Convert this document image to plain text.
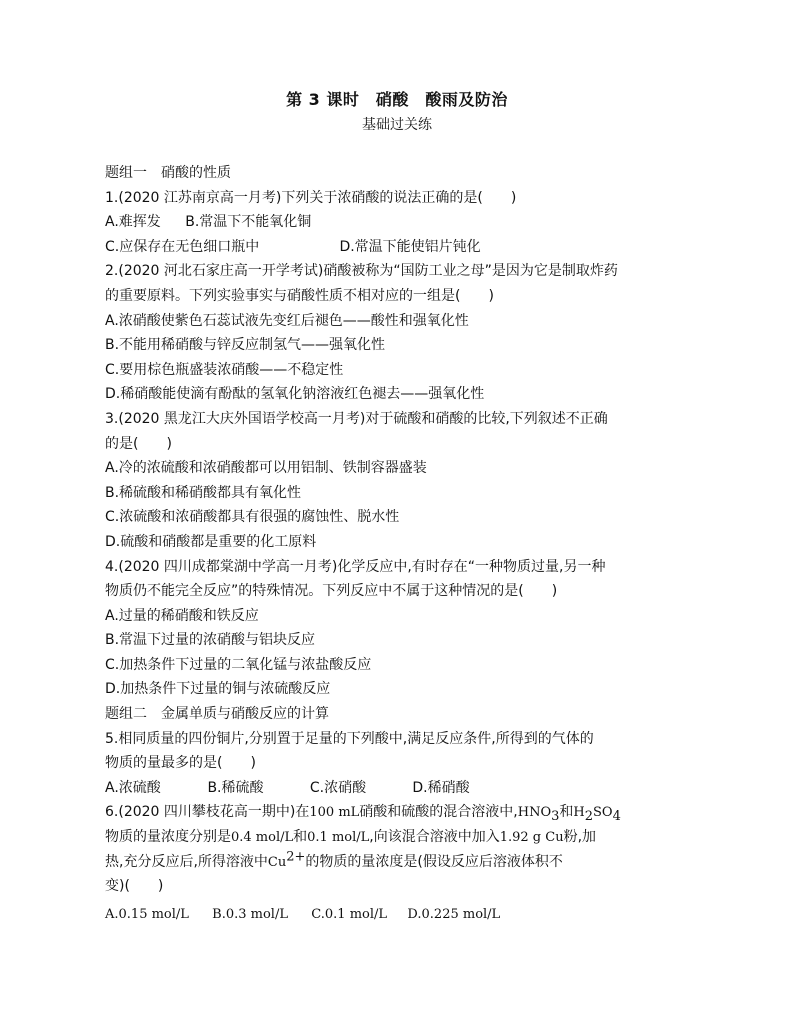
第 3 课时　硝酸　酸雨及防治
基础过关练
题组一　硝酸的性质
1.(2020 江苏南京高一月考)下列关于浓硝酸的说法正确的是(　　)
A.难挥发 B.常温下不能氧化铜
C.应保存在无色细口瓶中	D.常温下能使铝片钝化
2.(2020 河北石家庄高一开学考试)硝酸被称为“国防工业之母”是因为它是制取炸药
的重要原料。下列实验事实与硝酸性质不相对应的一组是(　　)
A.浓硝酸使紫色石蕊试液先变红后褪色——酸性和强氧化性
B.不能用稀硝酸与锌反应制氢气——强氧化性
C.要用棕色瓶盛装浓硝酸——不稳定性
D.稀硝酸能使滴有酚酞的氢氧化钠溶液红色褪去——强氧化性
3.(2020 黑龙江大庆外国语学校高一月考)对于硫酸和硝酸的比较,下列叙述不正确
的是(　　)
A.冷的浓硫酸和浓硝酸都可以用铝制、铁制容器盛装
B.稀硫酸和稀硝酸都具有氧化性
C.浓硫酸和浓硝酸都具有很强的腐蚀性、脱水性
D.硫酸和硝酸都是重要的化工原料
4.(2020 四川成都棠湖中学高一月考)化学反应中,有时存在“一种物质过量,另一种
物质仍不能完全反应”的特殊情况。下列反应中不属于这种情况的是(　　)
A.过量的稀硝酸和铁反应
B.常温下过量的浓硝酸与铝块反应
C.加热条件下过量的二氧化锰与浓盐酸反应
D.加热条件下过量的铜与浓硫酸反应
题组二　金属单质与硝酸反应的计算
5.相同质量的四份铜片,分别置于足量的下列酸中,满足反应条件,所得到的气体的
物质的量最多的是(　　)
A.浓硫酸	B.稀硫酸	C.浓硝酸	D.稀硝酸
6.(2020 四川攀枝花高一期中)在100 mL硝酸和硫酸的混合溶液中$,HNO_3$和$H_2SO_4$
物质的量浓度分别是0.4 mol/L和0.1 mol/L,向该混合溶液中加入1.92 g Cu粉,加
热,充分反应后,所得溶液中$Cu^{2+}$的物质的量浓度是(假设反应后溶液体积不
变)(　　)
A.0.15 mol/L B.0.3 mol/L C.0.1 mol/L D.0.225 mol/L
